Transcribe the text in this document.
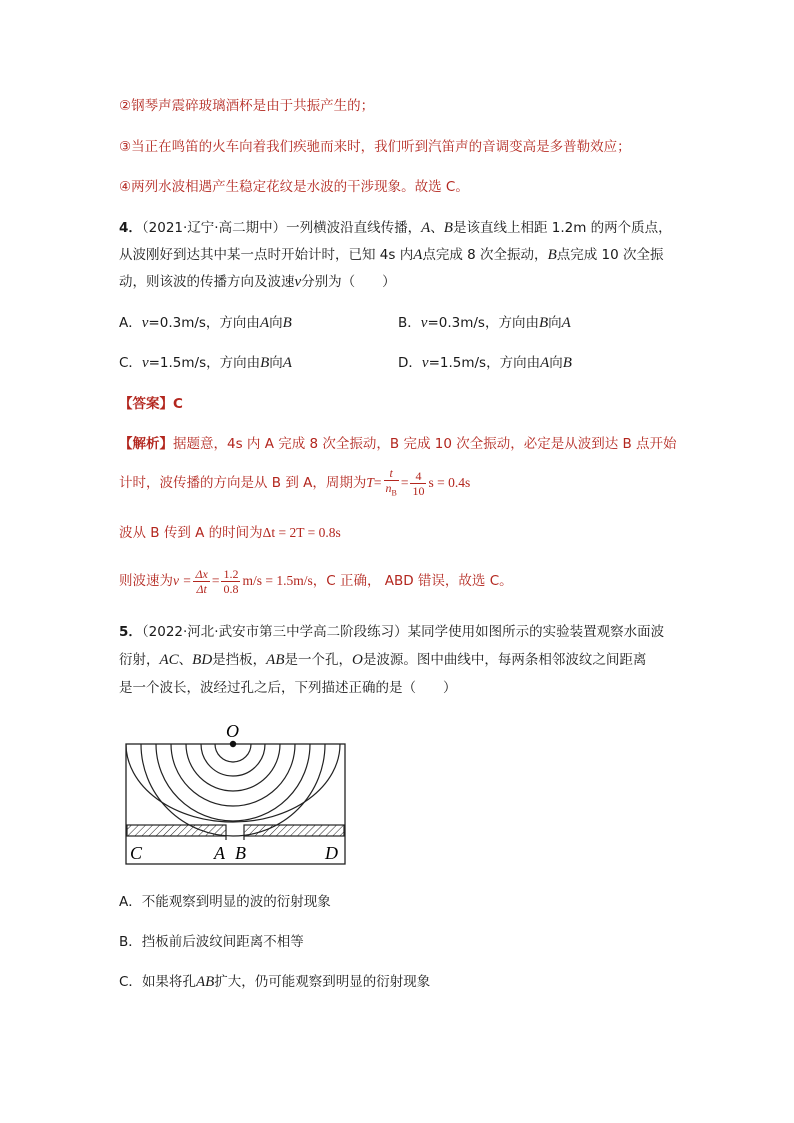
②钢琴声震碎玻璃酒杯是由于共振产生的；
③当正在鸣笛的火车向着我们疾驰而来时，我们听到汽笛声的音调变高是多普勒效应；
④两列水波相遇产生稳定花纹是水波的干涉现象。故选 C。
4．（2021·辽宁·高二期中）一列横波沿直线传播，A、B是该直线上相距 1.2m 的两个质点，
从波刚好到达其中某一点时开始计时，已知 4s 内A点完成 8 次全振动，B点完成 10 次全振
动，则该波的传播方向及波速v分别为（　　）
A．v=0.3m/s，方向由A向B	B．v=0.3m/s，方向由B向A
C．v=1.5m/s，方向由B向A	D．v=1.5m/s，方向由A向B
【答案】C
【解析】据题意，4s 内 A 完成 8 次全振动，B 完成 10 次全振动，必定是从波到达 B 点开始
计时，波传播的方向是从 B 到 A，周期为$T= \frac{t}{n_B} = \frac{4}{10}$ s = 0.4s
波从 B 传到 A 的时间为Δt = 2T = 0.8s
则波速为$v = \frac{\Delta x}{\Delta t} = \frac{1.2}{0.8} m/s = 1.5m/s$，C 正确， ABD 错误，故选 C。
5．（2022·河北·武安市第三中学高二阶段练习）某同学使用如图所示的实验装置观察水面波
衍射，AC、BD是挡板，AB是一个孔，O是波源。图中曲线中，每两条相邻波纹之间距离
是一个波长，波经过孔之后，下列描述正确的是（　　）
O
C	A B	D
A．不能观察到明显的波的衍射现象
B．挡板前后波纹间距离不相等
C．如果将孔AB扩大，仍可能观察到明显的衍射现象
